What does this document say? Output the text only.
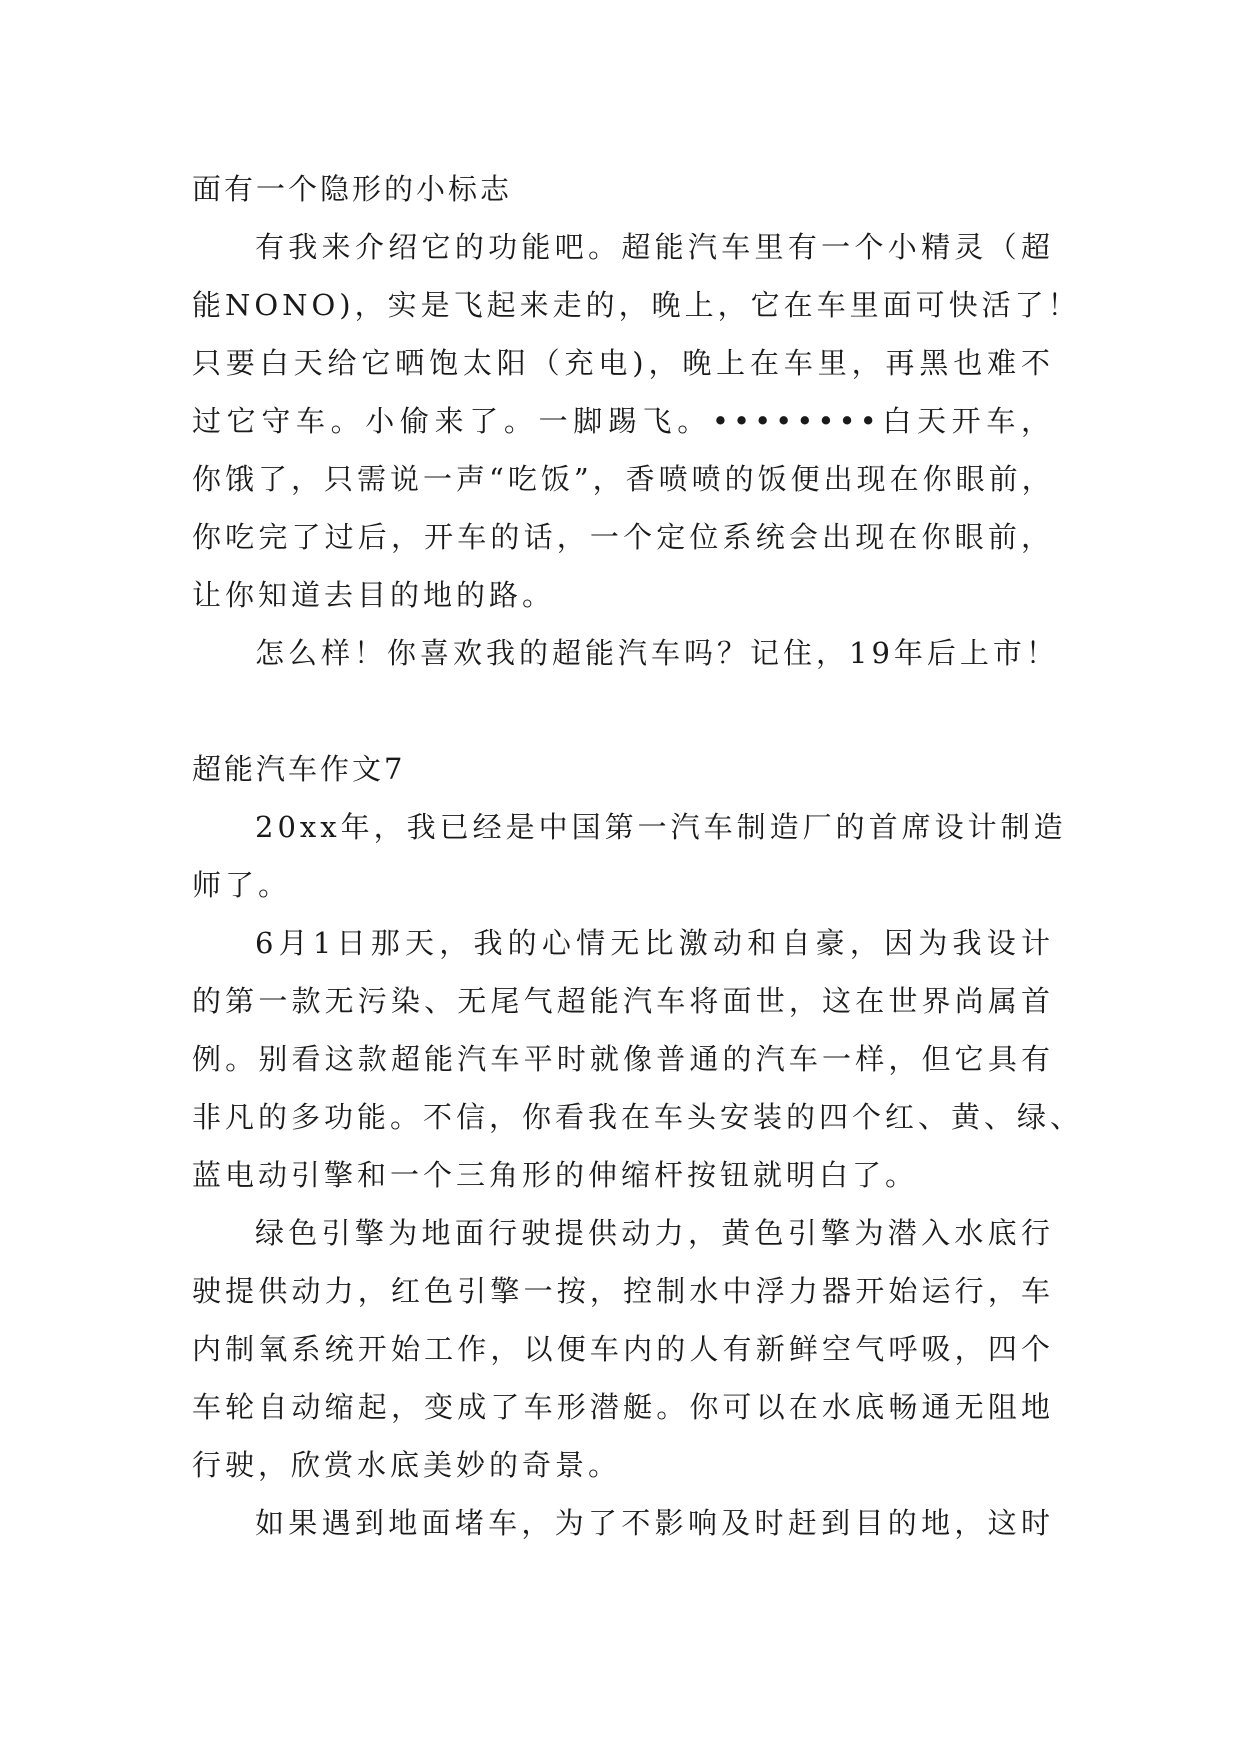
面有一个隐形的小标志
有我来介绍它的功能吧。超能汽车里有一个小精灵（超
能NONO)，实是飞起来走的，晚上，它在车里面可快活了！
只要白天给它晒饱太阳（充电)，晚上在车里，再黑也难不
过它守车。小偷来了。一脚踢飞。••••••••白天开车，
你饿了，只需说一声“吃饭”，香喷喷的饭便出现在你眼前，
你吃完了过后，开车的话，一个定位系统会出现在你眼前，
让你知道去目的地的路。
怎么样！你喜欢我的超能汽车吗？记住，19年后上市！
超能汽车作文7
20xx年，我已经是中国第一汽车制造厂的首席设计制造
师了。
6月1日那天，我的心情无比激动和自豪，因为我设计
的第一款无污染、无尾气超能汽车将面世，这在世界尚属首
例。别看这款超能汽车平时就像普通的汽车一样，但它具有
非凡的多功能。不信，你看我在车头安装的四个红、黄、绿、
蓝电动引擎和一个三角形的伸缩杆按钮就明白了。
绿色引擎为地面行驶提供动力，黄色引擎为潜入水底行
驶提供动力，红色引擎一按，控制水中浮力器开始运行，车
内制氧系统开始工作，以便车内的人有新鲜空气呼吸，四个
车轮自动缩起，变成了车形潜艇。你可以在水底畅通无阻地
行驶，欣赏水底美妙的奇景。
如果遇到地面堵车，为了不影响及时赶到目的地，这时
